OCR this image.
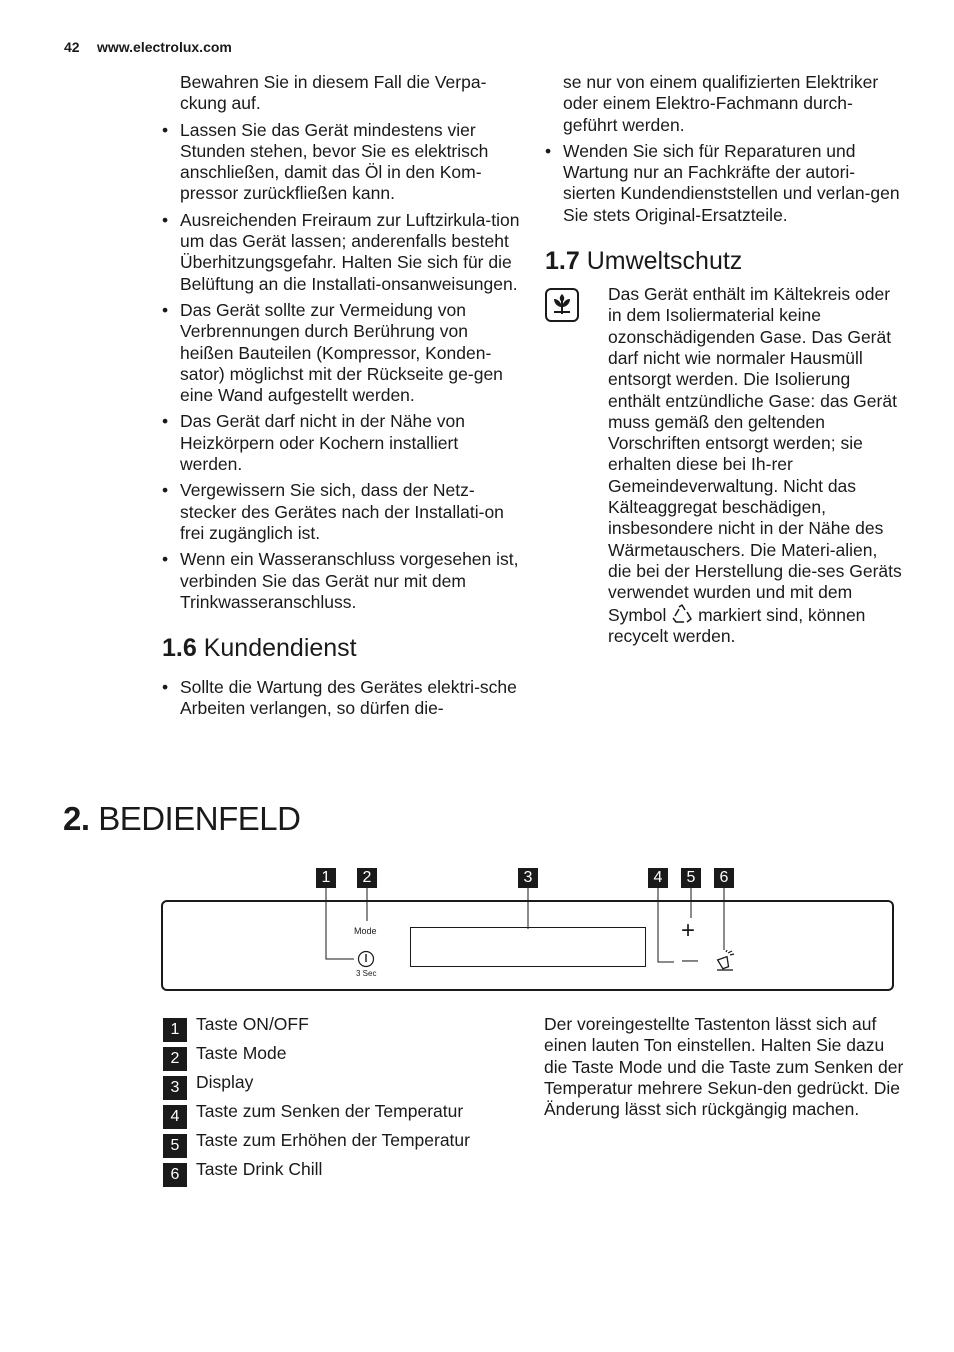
42 www.electrolux.com

Bewahren Sie in diesem Fall die Verpa-ckung auf.

• Lassen Sie das Gerät mindestens vier Stunden stehen, bevor Sie es elektrisch anschließen, damit das Öl in den Kom-pressor zurückfließen kann.
• Ausreichenden Freiraum zur Luftzirkula-tion um das Gerät lassen; anderenfalls besteht Überhitzungsgefahr. Halten Sie sich für die Belüftung an die Installati-onsanweisungen.
• Das Gerät sollte zur Vermeidung von Verbrennungen durch Berührung von heißen Bauteilen (Kompressor, Konden-sator) möglichst mit der Rückseite ge-gen eine Wand aufgestellt werden.
• Das Gerät darf nicht in der Nähe von Heizkörpern oder Kochern installiert werden.
• Vergewissern Sie sich, dass der Netz-stecker des Gerätes nach der Installati-on frei zugänglich ist.
• Wenn ein Wasseranschluss vorgesehen ist, verbinden Sie das Gerät nur mit dem Trinkwasseranschluss.
1.6 Kundendienst
• Sollte die Wartung des Gerätes elektri-sche Arbeiten verlangen, so dürfen die-

se nur von einem qualifizierten Elektriker oder einem Elektro-Fachmann durch-geführt werden.

• Wenden Sie sich für Reparaturen und Wartung nur an Fachkräfte der autori-sierten Kundendienststellen und verlan-gen Sie stets Original-Ersatzteile.
1.7 Umweltschutz
Das Gerät enthält im Kältekreis oder in dem Isoliermaterial keine ozonschädigenden Gase. Das Gerät darf nicht wie normaler Hausmüll entsorgt werden. Die Isolierung enthält entzündliche Gase: das Gerät muss gemäß den geltenden Vorschriften entsorgt werden; sie erhalten diese bei Ih-rer Gemeindeverwaltung. Nicht das Kälteaggregat beschädigen, insbesondere nicht in der Nähe des Wärmetauschers. Die Materi-alien, die bei der Herstellung die-ses Geräts verwendet wurden und mit dem Symbol markiert sind, können recycelt werden.
2. BEDIENFELD
1	2	3	4	5	6
Mode
3 Sec
+
—
1 Taste ON/OFF
2 Taste Mode
3 Display
4 Taste zum Senken der Temperatur
5 Taste zum Erhöhen der Temperatur
6 Taste Drink Chill
Der voreingestellte Tastenton lässt sich auf einen lauten Ton einstellen. Halten Sie dazu die Taste Mode und die Taste zum Senken der Temperatur mehrere Sekun-den gedrückt. Die Änderung lässt sich rückgängig machen.
